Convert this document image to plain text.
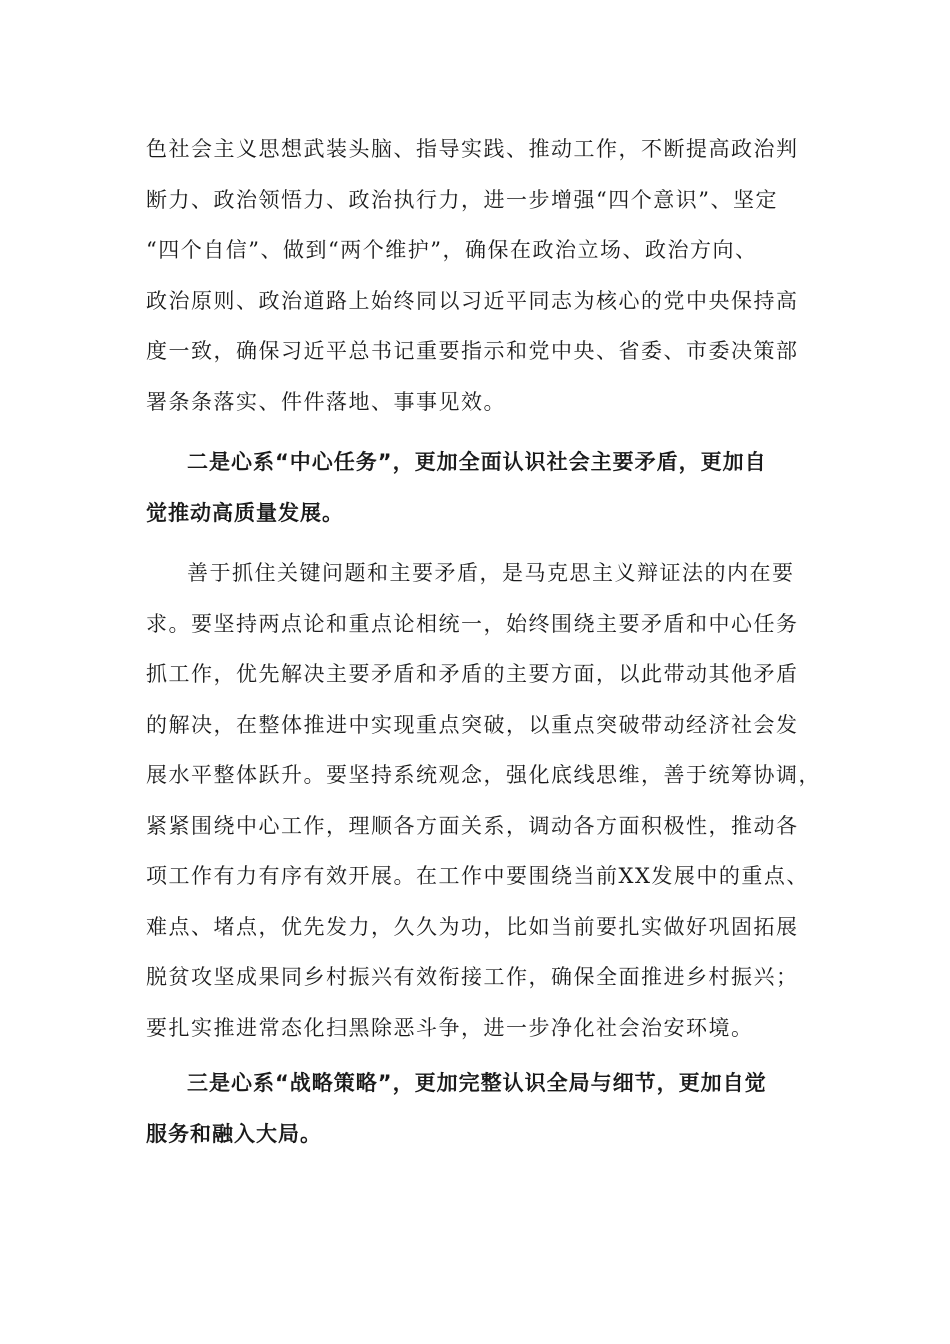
色社会主义思想武装头脑、指导实践、推动工作，不断提高政治判
断力、政治领悟力、政治执行力，进一步增强“四个意识”、坚定
“四个自信”、做到“两个维护”，确保在政治立场、政治方向、
政治原则、政治道路上始终同以习近平同志为核心的党中央保持高
度一致，确保习近平总书记重要指示和党中央、省委、市委决策部
署条条落实、件件落地、事事见效。
二是心系“中心任务”，更加全面认识社会主要矛盾，更加自
觉推动高质量发展。
善于抓住关键问题和主要矛盾，是马克思主义辩证法的内在要
求。要坚持两点论和重点论相统一，始终围绕主要矛盾和中心任务
抓工作，优先解决主要矛盾和矛盾的主要方面，以此带动其他矛盾
的解决，在整体推进中实现重点突破，以重点突破带动经济社会发
展水平整体跃升。要坚持系统观念，强化底线思维，善于统筹协调，
紧紧围绕中心工作，理顺各方面关系，调动各方面积极性，推动各
项工作有力有序有效开展。在工作中要围绕当前XX发展中的重点、
难点、堵点，优先发力，久久为功，比如当前要扎实做好巩固拓展
脱贫攻坚成果同乡村振兴有效衔接工作，确保全面推进乡村振兴；
要扎实推进常态化扫黑除恶斗争，进一步净化社会治安环境。
三是心系“战略策略”，更加完整认识全局与细节，更加自觉
服务和融入大局。
